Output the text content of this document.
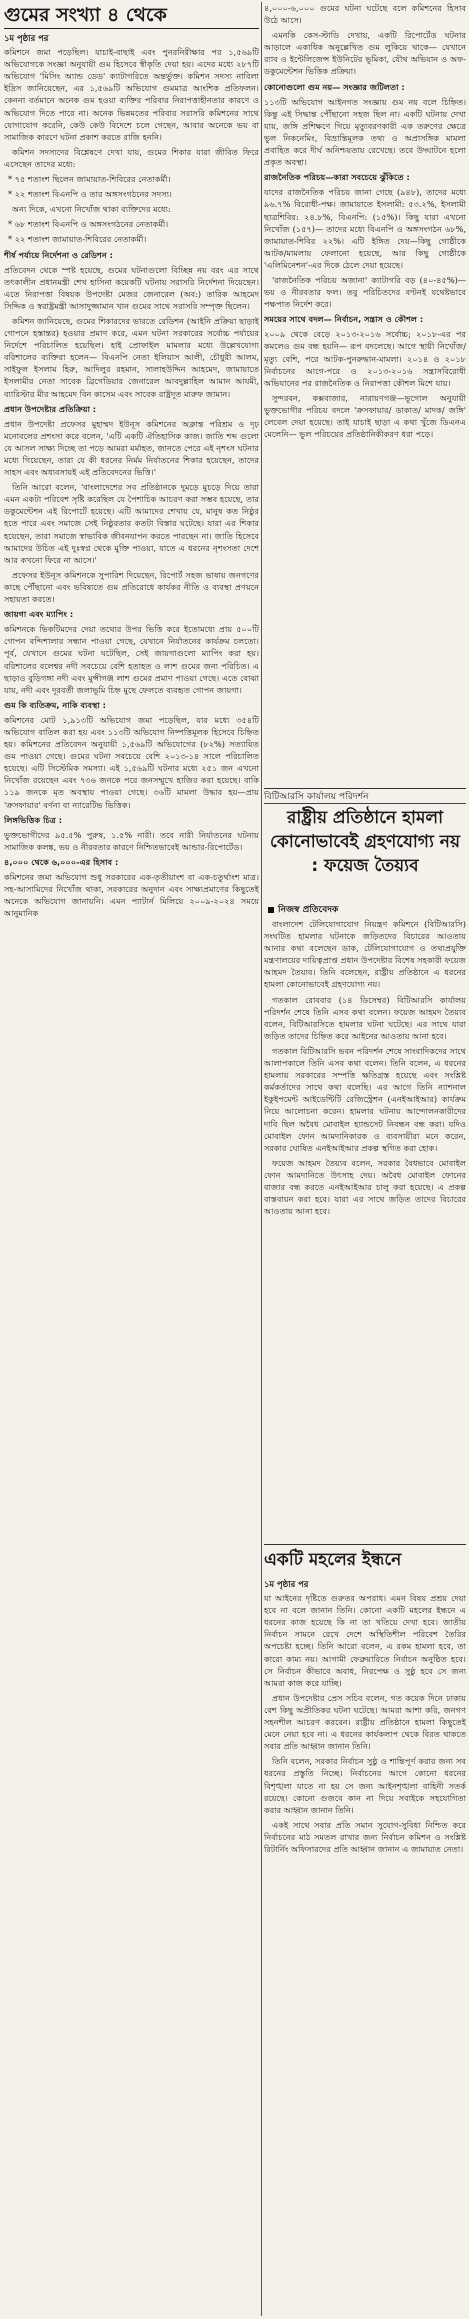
গুমের সংখ্যা ৪ থেকে
১ম পৃষ্ঠার পর

কমিশনে জমা পড়েছিল। যাচাই-বাছাই এবং পুনরনিরীক্ষার পর ১,৫৬৯টি অভিযোগকে সংজ্ঞা অনুযায়ী গুম হিসেবে স্বীকৃতি দেয়া হয়। এদের মধ্যে ২৮৭টি অভিযোগ 'মিসিং অ্যান্ড ডেড' ক্যাটাগরিতে অন্তর্ভুক্ত। কমিশন সদস্য নাবিলা ইদ্রিস জানিয়েছেন, এর ১,৫৬৯টি অভিযোগ গুমমাত্র আংশিক প্রতিফলন। কেননা বর্তমানে অনেক গুম হওয়া ব্যক্তির পরিবার নিরাপত্তাহীনতার কারণে ও অভিযোগ দিতে পারে না। অনেক ভিন্নমতের পরিবার সরাসরি কমিশনের সাথে যোগাযোগ করেনি, কেউ কেউ বিদেশে চলে গেছেন, আবার অনেকে ভয় বা সামাজিক কারণে ঘটনা প্রকাশ করতে রাজি হননি।

কমিশন সদস্যদের বিশ্লেষণে দেখা যায়, গুমের শিকার যারা জীবিত ফিরে এসেছেন তাদের মধ্যে:

* ৭৫ শতাংশ ছিলেন জামায়াত-শিবিরের নেতাকর্মী।

* ২২ শতাংশ বিএনপি ও তার অঙ্গসংগঠনের সদস্য।

অন্য দিকে, এখনো নিখোঁজ থাকা ব্যক্তিদের মধ্যে:

* ৬৮ শতাংশ বিএনপি ও অঙ্গসংগঠনের নেতাকর্মী।

* ২২ শতাংশ জামায়াত-শিবিরের নেতাকর্মী।

শীর্ষ পর্যায়ে নির্দেশনা ও রেডিশন :

প্রতিবেদন থেকে স্পষ্ট হয়েছে, গুমের ঘটনাগুলো বিচ্ছিন্ন নয় বরং এর সাথে তৎকালীন প্রধানমন্ত্রী শেখ হাসিনা কয়েকটি ঘটনায় সরাসরি নির্দেশনা দিয়েছেন। এতে নিরাপত্তা বিষয়ক উপদেষ্টা মেজর জেনারেল (অব:) তারিক আহমেদ সিদ্দিক ও স্বরাষ্ট্রমন্ত্রী আসাদুজ্জামান খান গুমের সাথে সরাসরি সম্পৃক্ত ছিলেন।

কমিশন জানিয়েছে, গুমের শিকারদের ভারতে রেডিশন (আইনি প্রক্রিয়া ছাড়াই গোপনে হস্তান্তর) হওয়ার প্রমাণ করে, এমন ঘটনা সরকারের সর্বোচ্চ পর্যায়ের নির্দেশে পরিচালিত হয়েছিল। হাই প্রোফাইল মামলার মধ্যে উল্লেখযোগ্য বরিশালের ব্যক্তিরা হলেন— বিএনপি নেতা ইলিয়াস আলী, চৌধুরী আলম, সাইফুল ইসলাম হিরু, আদিলুর রহমান, সালাহউদ্দিন আহমেদ, জামায়াতে ইসলামীর নেতা সাবেক ব্রিগেডিয়ার জেনারেল আবদুল্লাহিল আমান আযমী, ব্যারিস্টার মীর আহমেদ বিন কাসেম এবং সাবেক রাষ্ট্রদূত মারুফ জামান।

প্রধান উপদেষ্টার প্রতিক্রিয়া :

প্রধান উপদেষ্টা প্রফেসর মুহাম্মদ ইউনূস কমিশনের অক্লান্ত পরিশ্রম ও দৃঢ় মনোবলের প্রশংসা করে বলেন, 'এটি একটি ঐতিহাসিক কাজ। জাতি শব্দ গুলো যে আসল সাক্ষ্য দিচ্ছে তা পড়ে আমরা মর্মাহত, জানতে পেরে এই নৃশংস ঘটনার মধ্যে গিয়েছেন, তারা যে কী ধরনের নির্মম নির্যাতনের শিকার হয়েছেন, তাদের সাহস এবং অধ্যবসায়ই এই প্রতিবেদনের ভিত্তি।'

তিনি আরো বলেন, 'বাংলাদেশের সব প্রতিষ্ঠানকে দুমড়ে মুচড়ে দিয়ে তারা এমন একটা পরিবেশ সৃষ্টি করেছিল যে পৈশাচিক আচরণ করা সম্ভব হয়েছে, তার ডকুমেন্টেশন এই রিপোর্টে হয়েছে। এটি আমাদের শেখায় যে, মানুষ কত নিষ্ঠুর হতে পারে এবং সমাজে সেই নিষ্ঠুরতার কতটা বিস্তার ঘটেছে। যারা এর শিকার হয়েছেন, তারা সমাজে স্বাভাবিক জীবনযাপন করতে পারছেন না। জাতি হিসেবে আমাদের উচিত এই দুঃস্বপ্ন থেকে মুক্তি পাওয়া, যাতে এ ধরনের নৃশংসতা দেশে আর কখনো ফিরে না আসে।'

প্রফেসর ইউনূস কমিশনকে সুপারিশ দিয়েছেন, রিপোর্ট সহজ ভাষায় জনগণের কাছে পৌঁছানো এবং ভবিষ্যতে গুম প্রতিরোধে কার্যকর নীতি ও ব্যবস্থা প্রণয়নে সহায়তা করতে।

জায়গা এবং ম্যাপিং :

কমিশনকে ভিকটিমদের দেয়া তথ্যের উপর ভিত্তি করে ইতোমধ্যে প্রায় ৫০০টি গোপন বন্দিশালার সন্ধান পাওয়া গেছে, যেখানে নির্যাতনের কার্যক্রম চলতো। পূর্ব, যেখানে গুমের ঘটনা ঘটেছিল, সেই জায়গাগুলো ম্যাপিং করা হয়। বরিশালের বলেশ্বর নদী সবচেয়ে বেশি হতাহত ও লাশ গুমের জন্য পরিচিত। এ ছাড়াও বুড়িগঙ্গা নদী এবং মুন্সীগঞ্জ লাশ গুমের প্রমাণ পাওয়া গেছে। এতে বোঝা যায়, নদী এবং দূরবর্তী জলাভূমি চিহ্ন মুছে ফেলতে ব্যবহৃত গোপন জায়গা।

গুম কি ব্যতিক্রম, নাকি ব্যবস্থা :

কমিশনের মোট ১,৯১৩টি অভিযোগ জমা পড়েছিল, যার মধ্যে ৩৫৪টি অভিযোগ বাতিল করা হয় এবং ১১৩টি অভিযোগ নিষ্পত্তিমূলক হিসেবে চিহ্নিত হয়। কমিশনের প্রতিবেদন অনুযায়ী ১,৫৬৯টি অভিযোগের (৮২%) সত্যায়িত গুম পাওয়া গেছে। গুমের ঘটনা সবচেয়ে বেশি ২০১৩-১৪ সালে পরিচালিত হয়েছে। এটি সিস্টেমিক সমস্যা। এই ১,৫৬৯টি ঘটনার মধ্যে ২৫১ জন এখনো নিখোঁজ রয়েছেন এবং ৭৩৬ জনকে পরে জনসম্মুখে হাজির করা হয়েছে। বাকি ১১৯ জনকে মৃত অবস্থায় পাওয়া গেছে। ৩৬টি মামলা উদ্ধার হয়—প্রায় 'ক্রসফায়ার' বর্ণনা বা ন্যারেটিভ ভিত্তিক।

লিঙ্গভিত্তিক চিত্র :

ভুক্তভোগীদের ৯৫.৫% পুরুষ, ১.৫% নারী। তবে নারী নির্যাতনের ঘটনায় সামাজিক কলঙ্ক, ভয় ও নীরবতার কারণে নিশ্চিতভাবেই আন্ডার-রিপোর্টেড।

৪,০০০ থেকে ৬,০০০-এর হিসাব :

কমিশনের জমা অভিযোগ শুধু সরকারের এক-তৃতীয়াংশ বা এক-চতুর্থাংশ মাত্র। সহ-আসামিদের নিখোঁজ থাকা, সরকারের অনুদান এবং সাক্ষ্যপ্রমাণের কিছুতেই অনেকে অভিযোগ জানায়নি। এমন প্যাটার্ন মিলিয়ে ২০০৯-২০২৪ সময়ে আনুমানিক

৪,০০০-৬,০০০ গুমের ঘটনা ঘটেছে বলে কমিশনের হিসাব উঠে আসে।

এমনকি কেস-স্টাডি দেখায়, একটি রিপোর্টেড ঘটনার আড়ালে একাধিক অনুল্লেখিত গুম লুকিয়ে থাকে— যেখানে র‍্যাব ও ইন্টেলিজেন্স ইউনিটের ভূমিকা, যৌথ অভিযান ও অফ-ডকুমেন্টেশন ভিত্তিক প্রক্রিয়া।

কোনোগুলো গুম নয়— সংজ্ঞার জটিলতা :

১১৩টি অভিযোগ আইনগত সংজ্ঞায় গুম নয় বলে চিহ্নিত। কিন্তু এই সিদ্ধান্ত পৌঁছানো সহজ ছিল না। একটি ঘটনায় দেখা যায়, জঙ্গি প্রশিক্ষণে গিয়ে মৃত্যুবরণকারী এক তরুণের ক্ষেত্রে ভুল নিকনেমিং, বিভ্রান্তিমূলক তথ্য ও অপ্রাসঙ্গিক মামলা প্রবাহিত করে দীর্ঘ অনিশ্চয়তায় রেখেছে। তবে উদ্ঘাটনে হলো প্রকৃত অবস্থা।

রাজনৈতিক পরিচয়—কারা সবচেয়ে ঝুঁকিতে :

যাদের রাজনৈতিক পরিচয় জানা গেছে (৯৪৮), তাদের মধ্যে ৯৬.৭% বিরোধী-পক্ষ। জামায়াতে ইসলামী: ৫৩.২%, ইসলামী ছাত্রশিবির: ২৪.৮%, বিএনপি: (১৫%)। কিছু যারা এখনো নিখোঁজ (১৫৭)— তাদের মধ্যে বিএনপি ও অঙ্গসংগঠন ৬৮%, জামায়াত-শিবির ২২%। এটি ইঙ্গিত দেয়—কিছু গোষ্ঠীকে আটক/মামলায় ফেলানো হয়েছে, আর কিছু গোষ্ঠীকে 'এলিমিনেশন'-এর দিকে ঠেলে দেয়া হয়েছে।

'রাজনৈতিক পরিচয় অজানা' ক্যাটাগরি বড় (৪০-৪৫%)—ভয় ও নীরবতার ফল। তবু পরিচিতদের বণ্টনই যথেষ্টভাবে পক্ষপাত নির্দেশ করে।

সময়ের সাথে বদল— নির্বাচন, সন্ত্রাস ও কৌশল :

২০০৯ থেকে বেড়ে ২০১৩-২০১৬ সর্বোচ্চ; ২০১৮-এর পর কমলেও গুম বন্ধ হয়নি— রূপ বদলেছে। আগে স্থায়ী নিখোঁজ/মৃত্যু বেশি, পরে আটক-পুনরুদ্ধান-মামলা। ২০১৪ ও ২০১৮ নির্বাচনের আগে-পরে ও ২০১৩-২০১৬ সন্ত্রাসবিরোধী অভিযানের পর রাজনৈতিক ও নিরাপত্তা কৌশল মিশে যায়।

সুন্দরবন, কক্সবাজার, নারায়ণগঞ্জ—ভূগোল অনুযায়ী ভুক্তভোগীর পরিচয় বদলে 'ক্রসফায়ার/ ডাকাত/ মাদক/ জঙ্গি' লেবেল দেয়া হয়েছে। তাই যাচাই ছাড়া এ কথা খুঁজে ডিএনএ মেলেনি— ভুল পরিচয়ের প্রতিষ্ঠানিকীকরণ ধরা পড়ে।

বিটিআরসি কার্যালয় পরিদর্শন
রাষ্ট্রীয় প্রতিষ্ঠানে হামলা কোনোভাবেই গ্রহণযোগ্য নয় : ফয়েজ তৈয়্যব
নিজস্ব প্রতিবেদক

বাংলাদেশ টেলিযোগাযোগ নিয়ন্ত্রণ কমিশনে (বিটিআরসি) সংঘটিত হামলার ঘটনাকে জড়িতদের বিচারের আওতায় আনার কথা বলেছেন ডাক, টেলিযোগাযোগ ও তথ্যপ্রযুক্তি মন্ত্রণালয়ের দায়িত্বপ্রাপ্ত প্রধান উপদেষ্টার বিশেষ সহকারী ফয়েজ আহমদ তৈয়্যব। তিনি বলেছেন, রাষ্ট্রীয় প্রতিষ্ঠানে এ ধরনের হামলা কোনোভাবেই গ্রহণযোগ্য নয়।

গতকাল রোববার (১৪ ডিসেম্বর) বিটিআরসি কার্যালয় পরিদর্শন শেষে তিনি এসব কথা বলেন। ফয়েজ আহমদ তৈয়্যব বলেন, বিটিআরসিতে হামলার ঘটনা ঘটেছে। এর সাথে যারা জড়িত তাদের চিহ্নিত করে আইনের আওতায় আনা হবে।

গতকাল বিটিআরসি ভবন পরিদর্শন শেষে সাংবাদিকদের সাথে আলাপকালে তিনি এসব কথা বলেন। তিনি বলেন, এ ধরনের হামলায় সরকারের সম্পত্তি ক্ষতিগ্রস্ত হয়েছে এবং সংশ্লিষ্ট কর্মকর্তাদের সাথে কথা বলেছি। এর আগে তিনি ন্যাশনাল ইকুইপমেন্ট আইডেন্টিটি রেজিস্ট্রেশন (এনইআইআর) কার্যক্রম নিয়ে আলোচনা করেন। হামলার ঘটনায় আন্দোলনকারীদের দাবি ছিল অবৈধ মোবাইল হ্যান্ডসেট নিবন্ধন বন্ধ করা। যদিও মোবাইল ফোন আমদানিকারক ও ব্যবসায়ীরা মনে করেন, সরকার ঘোষিত এনইআইআর প্রকল্প স্থগিত করা হোক।

ফয়েজ আহমদ তৈয়্যব বলেন, সরকার বৈধভাবে মোবাইল ফোন আমদানিতে উৎসাহ দেয়। অবৈধ মোবাইল ফোনের বাজার বন্ধ করতে এনইআইআর চালু করা হয়েছে। এ প্রকল্প বাস্তবায়ন করা হবে। যারা এর সাথে জড়িত তাদের বিচারের আওতায় আনা হবে।

একটি মহলের ইন্ধনে
১ম পৃষ্ঠার পর

যা আইনের দৃষ্টিতে গুরুতর অপরাধ। এমন বিষয় প্রশ্রয় দেয়া হবে না বলে জানান তিনি। কোনো একটি মহলের ইন্ধনে এ ধরনের কাজ হয়েছে কি না তা খতিয়ে দেখা হবে। জাতীয় নির্বাচন সামনে রেখে দেশে অস্থিতিশীল পরিবেশ তৈরির অপচেষ্টা হচ্ছে। তিনি আরো বলেন, এ রকম হামলা হবে, তা কারো কাম্য নয়। আগামী ফেব্রুয়ারিতে নির্বাচন অনুষ্ঠিত হবে। সে নির্বাচন কীভাবে অবাধ, নিরপেক্ষ ও সুষ্ঠু হবে সে জন্য আমরা কাজ করে যাচ্ছি।

প্রধান উপদেষ্টার প্রেস সচিব বলেন, গত কয়েক দিনে ঢাকায় বেশ কিছু অপ্রীতিকর ঘটনা ঘটেছে। আমরা আশা করি, জনগণ সহনশীল আচরণ করবেন। রাষ্ট্রীয় প্রতিষ্ঠানে হামলা কিছুতেই মেনে নেয়া হবে না। এ ধরনের কার্যকলাপ থেকে বিরত থাকতে সবার প্রতি আহ্বান জানান তিনি।

তিনি বলেন, সরকার নির্বাচন সুষ্ঠু ও শান্তিপূর্ণ করার জন্য সব ধরনের প্রস্তুতি নিচ্ছে। নির্বাচনের আগে কোনো ধরনের বিশৃঙ্খলা যাতে না হয় সে জন্য আইনশৃঙ্খলা বাহিনী সতর্ক রয়েছে। কোনো গুজবে কান না দিয়ে সবাইকে সহযোগিতা করার আহ্বান জানান তিনি।

একই সাথে সবার প্রতি সমান সুযোগ-সুবিধা নিশ্চিত করে নির্বাচনের মাঠ সমতল রাখার জন্য নির্বাচন কমিশন ও সংশ্লিষ্ট রিটার্নিং অফিসারদের প্রতি আহ্বান জানান এ জামায়াত নেতা।
